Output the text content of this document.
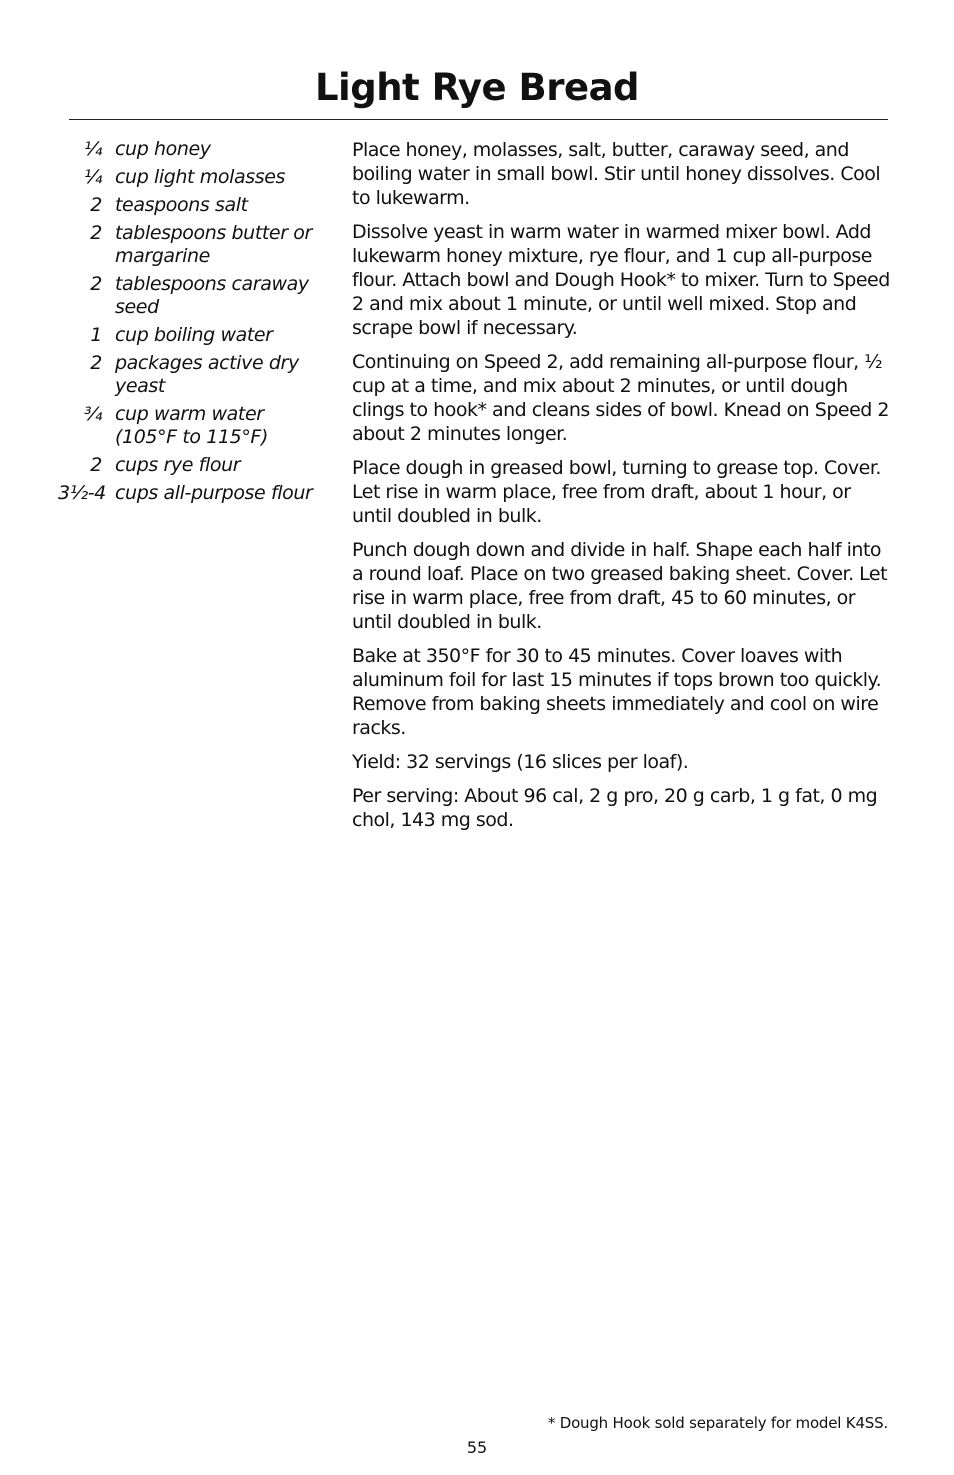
Light Rye Bread
¼ cup honey
¼ cup light molasses
2 teaspoons salt
2 tablespoons butter or margarine
2 tablespoons caraway seed
1 cup boiling water
2 packages active dry yeast
¾ cup warm water (105°F to 115°F)
2 cups rye flour
3½-4 cups all-purpose flour

Place honey, molasses, salt, butter, caraway seed, and boiling water in small bowl. Stir until honey dissolves. Cool to lukewarm.

Dissolve yeast in warm water in warmed mixer bowl. Add lukewarm honey mixture, rye flour, and 1 cup all-purpose flour. Attach bowl and Dough Hook* to mixer. Turn to Speed 2 and mix about 1 minute, or until well mixed. Stop and scrape bowl if necessary.

Continuing on Speed 2, add remaining all-purpose flour, ½ cup at a time, and mix about 2 minutes, or until dough clings to hook* and cleans sides of bowl. Knead on Speed 2 about 2 minutes longer.

Place dough in greased bowl, turning to grease top. Cover. Let rise in warm place, free from draft, about 1 hour, or until doubled in bulk.

Punch dough down and divide in half. Shape each half into a round loaf. Place on two greased baking sheet. Cover. Let rise in warm place, free from draft, 45 to 60 minutes, or until doubled in bulk.

Bake at 350°F for 30 to 45 minutes. Cover loaves with aluminum foil for last 15 minutes if tops brown too quickly. Remove from baking sheets immediately and cool on wire racks.

Yield: 32 servings (16 slices per loaf).

Per serving: About 96 cal, 2 g pro, 20 g carb, 1 g fat, 0 mg chol, 143 mg sod.

* Dough Hook sold separately for model K4SS.
55
